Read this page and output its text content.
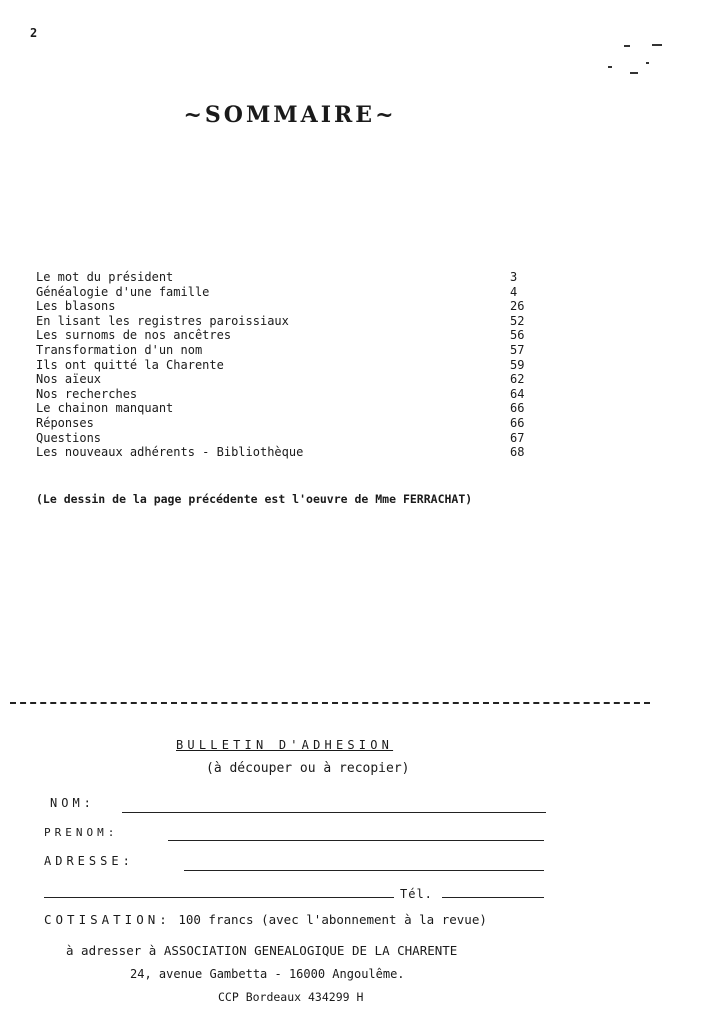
2
~SOMMAIRE~
Le mot du président	3
Généalogie d'une famille	4
Les blasons	26
En lisant les registres paroissiaux	52
Les surnoms de nos ancêtres	56
Transformation d'un nom	57
Ils ont quitté la Charente	59
Nos aïeux	62
Nos recherches	64
Le chainon manquant	66
Réponses	66
Questions	67
Les nouveaux adhérents - Bibliothèque	68
(Le dessin de la page précédente est l'oeuvre de Mme FERRACHAT)
BULLETIN D'ADHESION
(à découper ou à recopier)
NOM:
PRENOM:
ADRESSE:
Tél.
COTISATION: 100 francs (avec l'abonnement à la revue)
à adresser à ASSOCIATION GENEALOGIQUE DE LA CHARENTE
24, avenue Gambetta - 16000 Angoulême.
CCP Bordeaux 434299 H
